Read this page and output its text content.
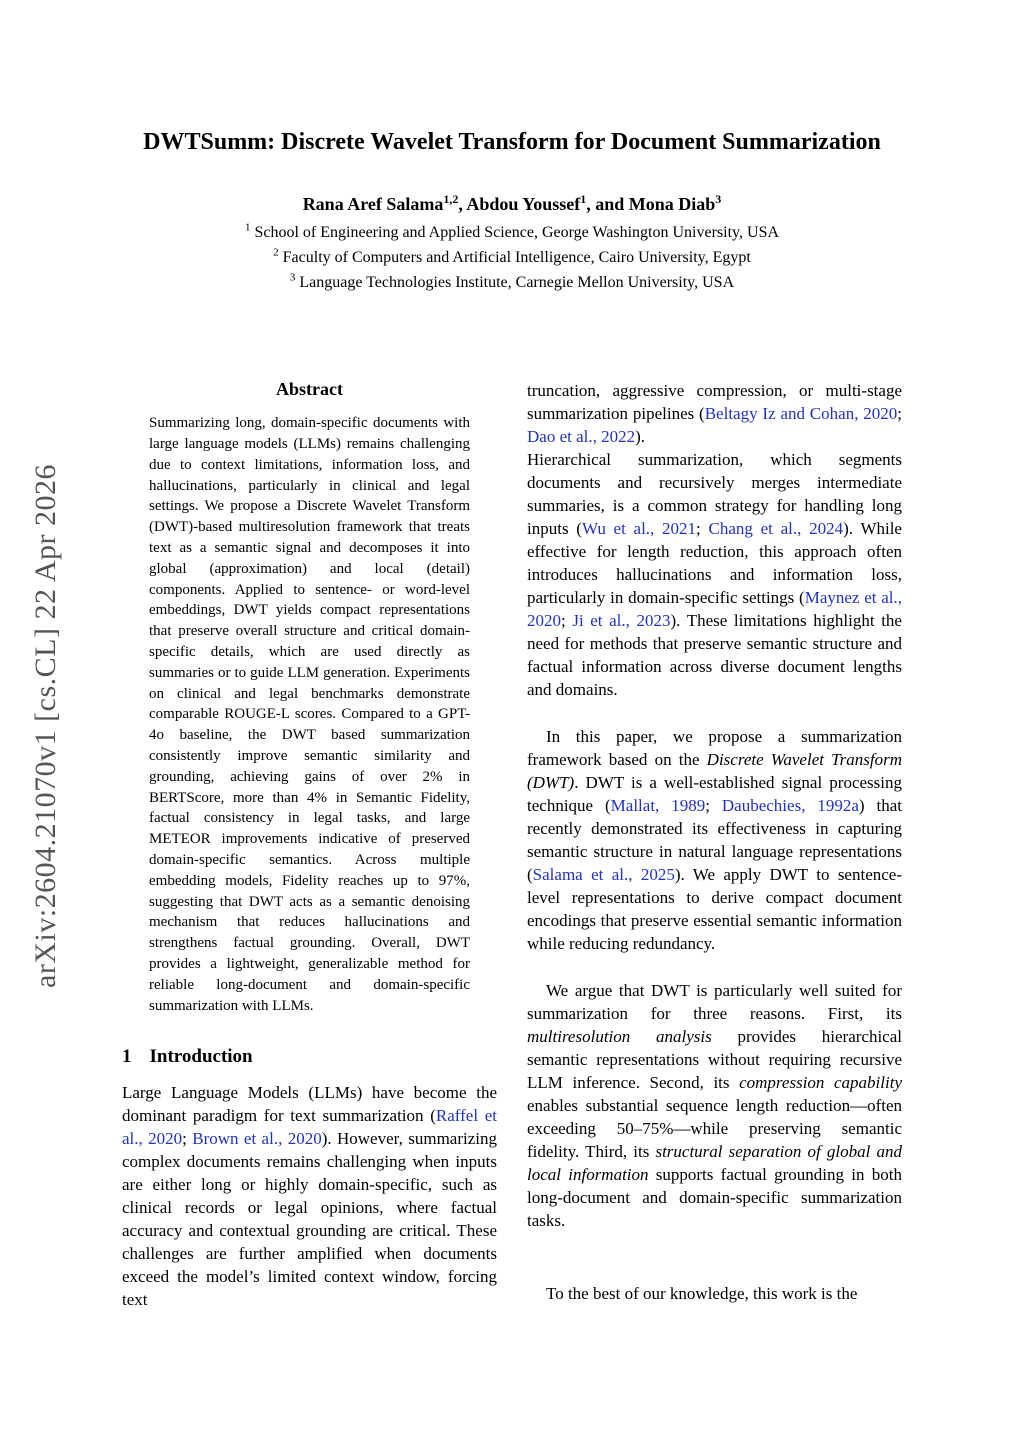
arXiv:2604.21070v1 [cs.CL] 22 Apr 2026
DWTSumm: Discrete Wavelet Transform for Document Summarization
Rana Aref Salama$^{1,2}$, Abdou Youssef$^1$, and Mona Diab$^3$
$^1$ School of Engineering and Applied Science, George Washington University, USA
$^2$ Faculty of Computers and Artificial Intelligence, Cairo University, Egypt
$^3$ Language Technologies Institute, Carnegie Mellon University, USA
Abstract

Summarizing long, domain-specific documents with large language models (LLMs) remains challenging due to context limitations, information loss, and hallucinations, particularly in clinical and legal settings. We propose a Discrete Wavelet Transform (DWT)-based multiresolution framework that treats text as a semantic signal and decomposes it into global (approximation) and local (detail) components. Applied to sentence- or word-level embeddings, DWT yields compact representations that preserve overall structure and critical domain-specific details, which are used directly as summaries or to guide LLM generation. Experiments on clinical and legal benchmarks demonstrate comparable ROUGE-L scores. Compared to a GPT-4o baseline, the DWT based summarization consistently improve semantic similarity and grounding, achieving gains of over 2% in BERTScore, more than 4% in Semantic Fidelity, factual consistency in legal tasks, and large METEOR improvements indicative of preserved domain-specific semantics. Across multiple embedding models, Fidelity reaches up to 97%, suggesting that DWT acts as a semantic denoising mechanism that reduces hallucinations and strengthens factual grounding. Overall, DWT provides a lightweight, generalizable method for reliable long-document and domain-specific summarization with LLMs.

1 Introduction

Large Language Models (LLMs) have become the dominant paradigm for text summarization (Raffel et al., 2020; Brown et al., 2020). However, summarizing complex documents remains challenging when inputs are either long or highly domain-specific, such as clinical records or legal opinions, where factual accuracy and contextual grounding are critical. These challenges are further amplified when documents exceed the model’s limited context window, forcing text

truncation, aggressive compression, or multi-stage summarization pipelines (Beltagy Iz and Cohan, 2020; Dao et al., 2022).

Hierarchical summarization, which segments documents and recursively merges intermediate summaries, is a common strategy for handling long inputs (Wu et al., 2021; Chang et al., 2024). While effective for length reduction, this approach often introduces hallucinations and information loss, particularly in domain-specific settings (Maynez et al., 2020; Ji et al., 2023). These limitations highlight the need for methods that preserve semantic structure and factual information across diverse document lengths and domains.

In this paper, we propose a summarization framework based on the Discrete Wavelet Transform (DWT). DWT is a well-established signal processing technique (Mallat, 1989; Daubechies, 1992a) that recently demonstrated its effectiveness in capturing semantic structure in natural language representations (Salama et al., 2025). We apply DWT to sentence-level representations to derive compact document encodings that preserve essential semantic information while reducing redundancy.

We argue that DWT is particularly well suited for summarization for three reasons. First, its multiresolution analysis provides hierarchical semantic representations without requiring recursive LLM inference. Second, its compression capability enables substantial sequence length reduction—often exceeding 50–75%—while preserving semantic fidelity. Third, its structural separation of global and local information supports factual grounding in both long-document and domain-specific summarization tasks.

To the best of our knowledge, this work is the
